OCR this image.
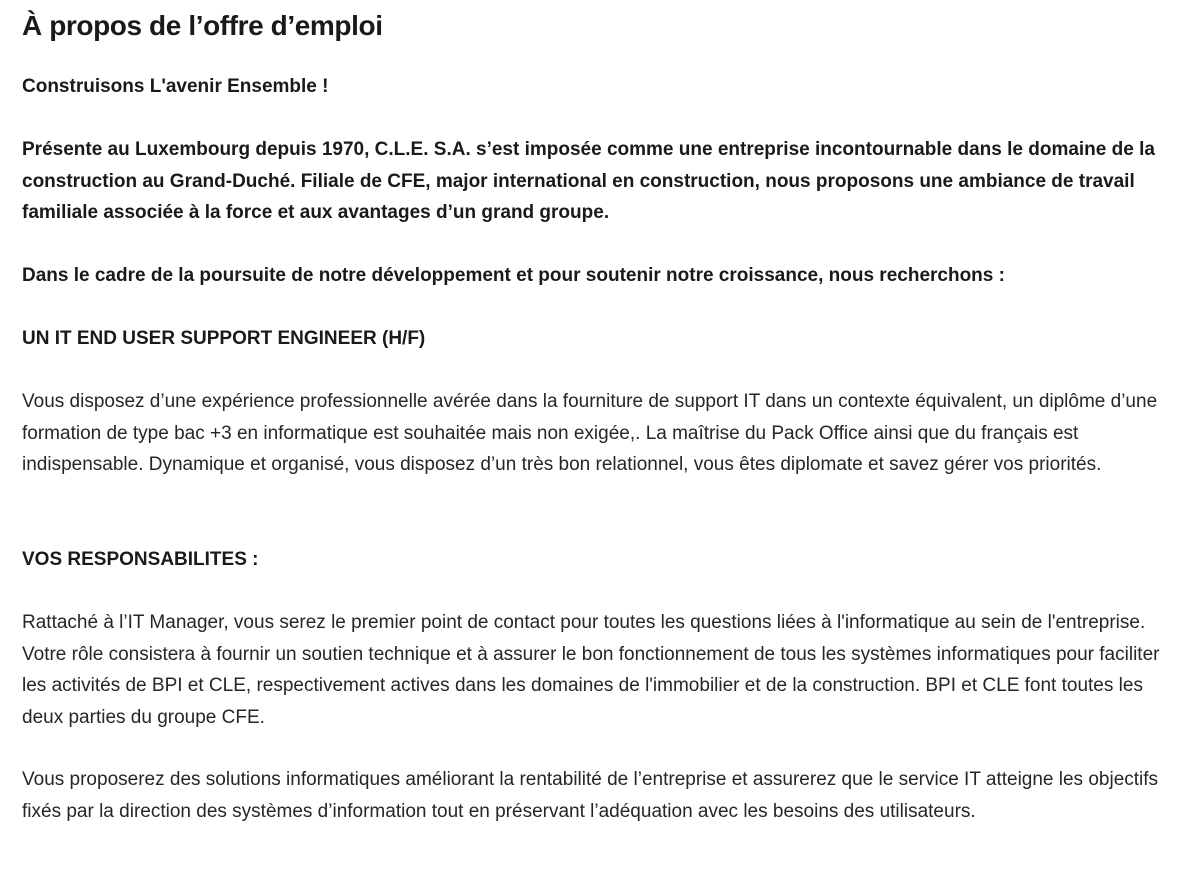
À propos de l’offre d’emploi

Construisons L'avenir Ensemble !

Présente au Luxembourg depuis 1970, C.L.E. S.A. s’est imposée comme une entreprise incontournable dans le domaine de la construction au Grand-Duché. Filiale de CFE, major international en construction, nous proposons une ambiance de travail familiale associée à la force et aux avantages d’un grand groupe.

Dans le cadre de la poursuite de notre développement et pour soutenir notre croissance, nous recherchons :

UN IT END USER SUPPORT ENGINEER (H/F)

Vous disposez d’une expérience professionnelle avérée dans la fourniture de support IT dans un contexte équivalent, un diplôme d’une formation de type bac +3 en informatique est souhaitée mais non exigée,. La maîtrise du Pack Office ainsi que du français est indispensable. Dynamique et organisé, vous disposez d’un très bon relationnel, vous êtes diplomate et savez gérer vos priorités.

VOS RESPONSABILITES :

Rattaché à l’IT Manager, vous serez le premier point de contact pour toutes les questions liées à l'informatique au sein de l'entreprise. Votre rôle consistera à fournir un soutien technique et à assurer le bon fonctionnement de tous les systèmes informatiques pour faciliter les activités de BPI et CLE, respectivement actives dans les domaines de l'immobilier et de la construction. BPI et CLE font toutes les deux parties du groupe CFE.

Vous proposerez des solutions informatiques améliorant la rentabilité de l’entreprise et assurerez que le service IT atteigne les objectifs fixés par la direction des systèmes d’information tout en préservant l’adéquation avec les besoins des utilisateurs.
